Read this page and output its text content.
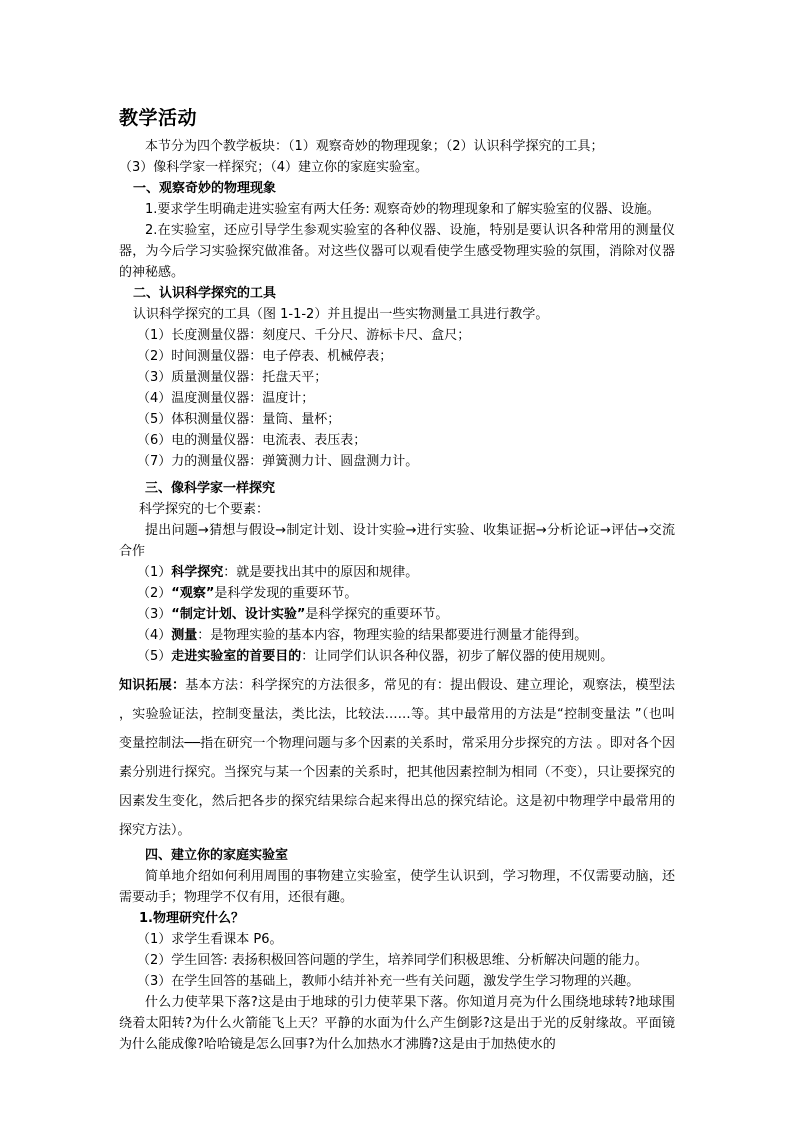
教学活动

本节分为四个教学板块：（1）观察奇妙的物理现象；（2）认识科学探究的工具；

（3）像科学家一样探究；（4）建立你的家庭实验室。

一、观察奇妙的物理现象

1.要求学生明确走进实验室有两大任务: 观察奇妙的物理现象和了解实验室的仪器、设施。

2.在实验室，还应引导学生参观实验室的各种仪器、设施，特别是要认识各种常用的测量仪器，为今后学习实验探究做准备。对这些仪器可以观看使学生感受物理实验的氛围，消除对仪器的神秘感。

二、认识科学探究的工具

认识科学探究的工具（图 1-1-2）并且提出一些实物测量工具进行教学。

（1）长度测量仪器：刻度尺、千分尺、游标卡尺、盒尺；

（2）时间测量仪器：电子停表、机械停表；

（3）质量测量仪器：托盘天平；

（4）温度测量仪器：温度计；

（5）体积测量仪器：量筒、量杯；

（6）电的测量仪器：电流表、表压表；

（7）力的测量仪器：弹簧测力计、圆盘测力计。

三、像科学家一样探究

科学探究的七个要素：

提出问题→猜想与假设→制定计划、设计实验→进行实验、收集证据→分析论证→评估→交流合作

（1）科学探究：就是要找出其中的原因和规律。

（2）“观察”是科学发现的重要环节。

（3）“制定计划、设计实验”是科学探究的重要环节。

（4）测量：是物理实验的基本内容，物理实验的结果都要进行测量才能得到。

（5）走进实验室的首要目的：让同学们认识各种仪器，初步了解仪器的使用规则。

知识拓展：基本方法：科学探究的方法很多，常见的有：提出假设、建立理论，观察法，模型法 ，实验验证法，控制变量法，类比法，比较法……等。其中最常用的方法是“控制变量法 ”（也叫变量控制法──指在研究一个物理问题与多个因素的关系时，常采用分步探究的方法 。即对各个因素分别进行探究。当探究与某一个因素的关系时，把其他因素控制为相同（不变），只让要探究的因素发生变化，然后把各步的探究结果综合起来得出总的探究结论。这是初中物理学中最常用的探究方法）。

四、建立你的家庭实验室

简单地介绍如何利用周围的事物建立实验室，使学生认识到，学习物理，不仅需要动脑，还需要动手；物理学不仅有用，还很有趣。

1.物理研究什么？

（1）求学生看课本 P6。

（2）学生回答: 表扬积极回答问题的学生，培养同学们积极思维、分析解决问题的能力。

（3）在学生回答的基础上，教师小结并补充一些有关问题，激发学生学习物理的兴趣。

什么力使苹果下落?这是由于地球的引力使苹果下落。你知道月亮为什么围绕地球转?地球围绕着太阳转?为什么火箭能飞上天？平静的水面为什么产生倒影?这是出于光的反射缘故。平面镜为什么能成像?哈哈镜是怎么回事?为什么加热水才沸腾?这是由于加热使水的
